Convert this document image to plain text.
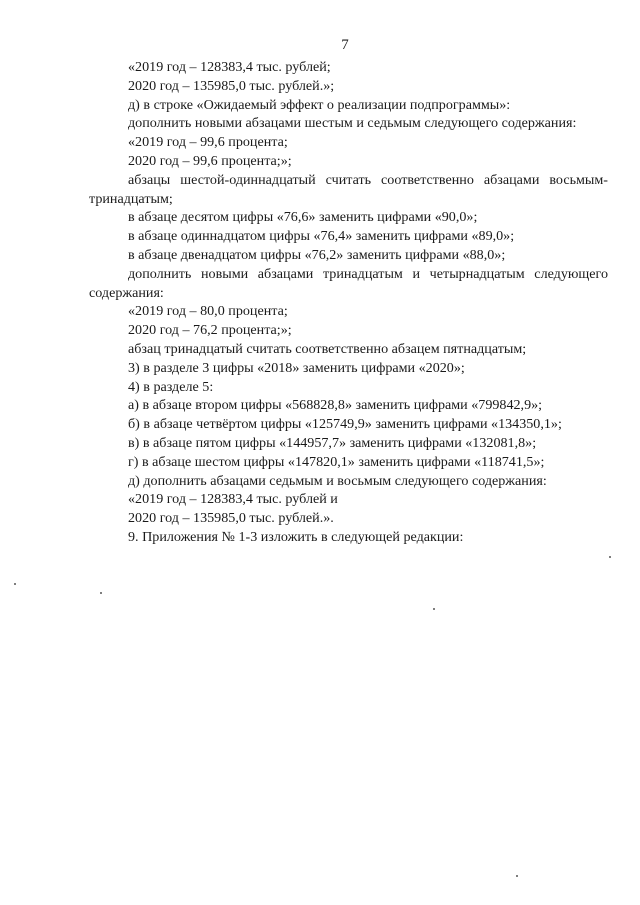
7
«2019 год – 128383,4 тыс. рублей;
2020 год – 135985,0 тыс. рублей.»;
д) в строке «Ожидаемый эффект о реализации подпрограммы»:
дополнить новыми абзацами шестым и седьмым следующего содержания:
«2019 год – 99,6 процента;
2020 год – 99,6 процента;»;
абзацы шестой-одиннадцатый считать соответственно абзацами восьмым-
тринадцатым;
в абзаце десятом цифры «76,6» заменить цифрами «90,0»;
в абзаце одиннадцатом цифры «76,4» заменить цифрами «89,0»;
в абзаце двенадцатом цифры «76,2» заменить цифрами «88,0»;
дополнить новыми абзацами тринадцатым и четырнадцатым следующего
содержания:
«2019 год – 80,0 процента;
2020 год – 76,2 процента;»;
абзац тринадцатый считать соответственно абзацем пятнадцатым;
3) в разделе 3 цифры «2018» заменить цифрами «2020»;
4) в разделе 5:
а) в абзаце втором цифры «568828,8» заменить цифрами «799842,9»;
б) в абзаце четвёртом цифры «125749,9» заменить цифрами «134350,1»;
в) в абзаце пятом цифры «144957,7» заменить цифрами «132081,8»;
г) в абзаце шестом цифры «147820,1» заменить цифрами «118741,5»;
д) дополнить абзацами седьмым и восьмым следующего содержания:
«2019 год – 128383,4 тыс. рублей и
2020 год – 135985,0 тыс. рублей.».
9. Приложения № 1-3 изложить в следующей редакции:
